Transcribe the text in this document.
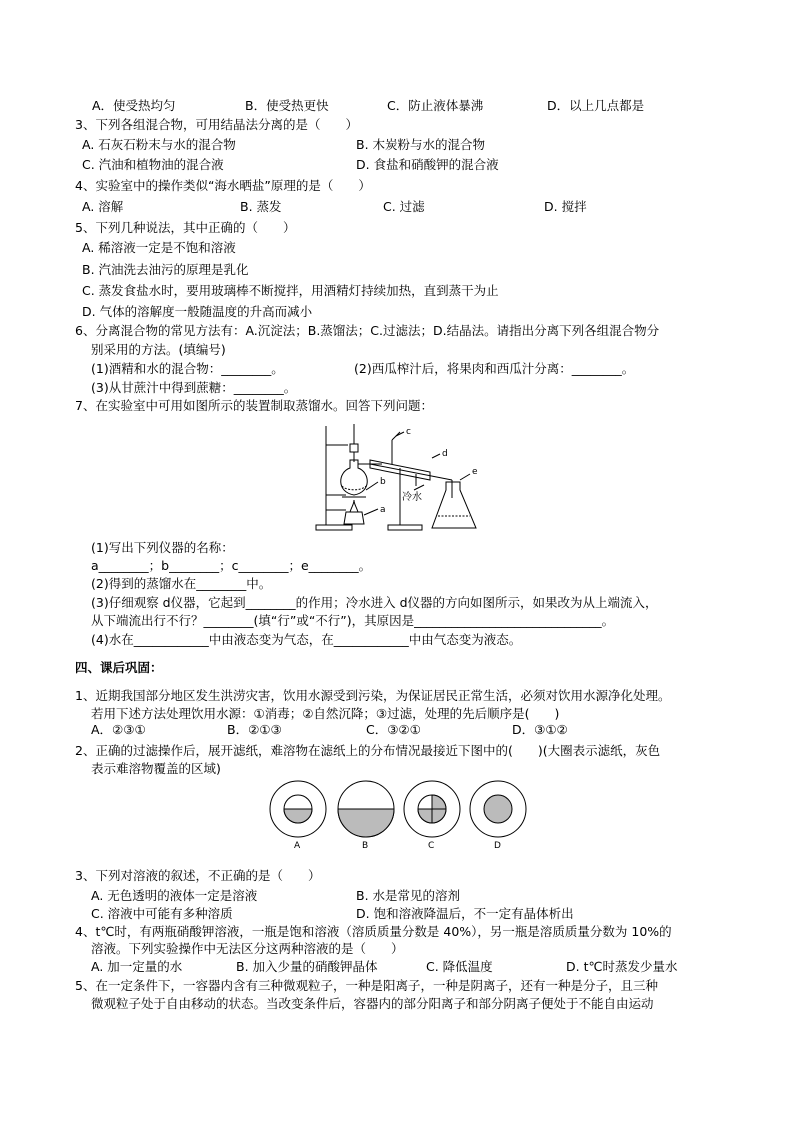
A．使受热均匀	B．使受热更快	C．防止液体暴沸	D．以上几点都是
3、下列各组混合物，可用结晶法分离的是（　　）
A. 石灰石粉末与水的混合物	B. 木炭粉与水的混合物
C. 汽油和植物油的混合液	D. 食盐和硝酸钾的混合液
4、实验室中的操作类似“海水晒盐”原理的是（　　）
A. 溶解	B. 蒸发	C. 过滤	D. 搅拌
5、下列几种说法，其中正确的（　　）
A. 稀溶液一定是不饱和溶液
B. 汽油洗去油污的原理是乳化
C. 蒸发食盐水时，要用玻璃棒不断搅拌，用酒精灯持续加热，直到蒸干为止
D. 气体的溶解度一般随温度的升高而减小
6、分离混合物的常见方法有：A.沉淀法；B.蒸馏法；C.过滤法；D.结晶法。请指出分离下列各组混合物分
别采用的方法。(填编号)
(1)酒精和水的混合物：________。	(2)西瓜榨汁后，将果肉和西瓜汁分离：________。
(3)从甘蔗汁中得到蔗糖：________。
7、在实验室中可用如图所示的装置制取蒸馏水。回答下列问题：
a
b
c
d
e
冷水
(1)写出下列仪器的名称：
a________；b________；c________；e________。
(2)得到的蒸馏水在________中。
(3)仔细观察 d仪器，它起到________的作用；冷水进入 d仪器的方向如图所示，如果改为从上端流入，
从下端流出行不行？________(填“行”或“不行”)，其原因是______________________________。
(4)水在____________中由液态变为气态，在____________中由气态变为液态。
四、课后巩固：
1、近期我国部分地区发生洪涝灾害，饮用水源受到污染，为保证居民正常生活，必须对饮用水源净化处理。
若用下述方法处理饮用水源：①消毒；②自然沉降；③过滤，处理的先后顺序是(　　)
A．②③①	B．②①③	C．③②①	D．③①②
2、正确的过滤操作后，展开滤纸，难溶物在滤纸上的分布情况最接近下图中的(　　)(大圈表示滤纸，灰色
表示难溶物覆盖的区域)
A	B	C	D
3、下列对溶液的叙述，不正确的是（　　）
A. 无色透明的液体一定是溶液	B. 水是常见的溶剂
C. 溶液中可能有多种溶质	D. 饱和溶液降温后，不一定有晶体析出
4、t℃时，有两瓶硝酸钾溶液，一瓶是饱和溶液（溶质质量分数是 40%），另一瓶是溶质质量分数为 10%的
溶液。下列实验操作中无法区分这两种溶液的是（　　）
A. 加一定量的水	B. 加入少量的硝酸钾晶体	C. 降低温度	D. t℃时蒸发少量水
5、在一定条件下，一容器内含有三种微观粒子，一种是阳离子，一种是阴离子，还有一种是分子，且三种
微观粒子处于自由移动的状态。当改变条件后，容器内的部分阳离子和部分阴离子便处于不能自由运动
